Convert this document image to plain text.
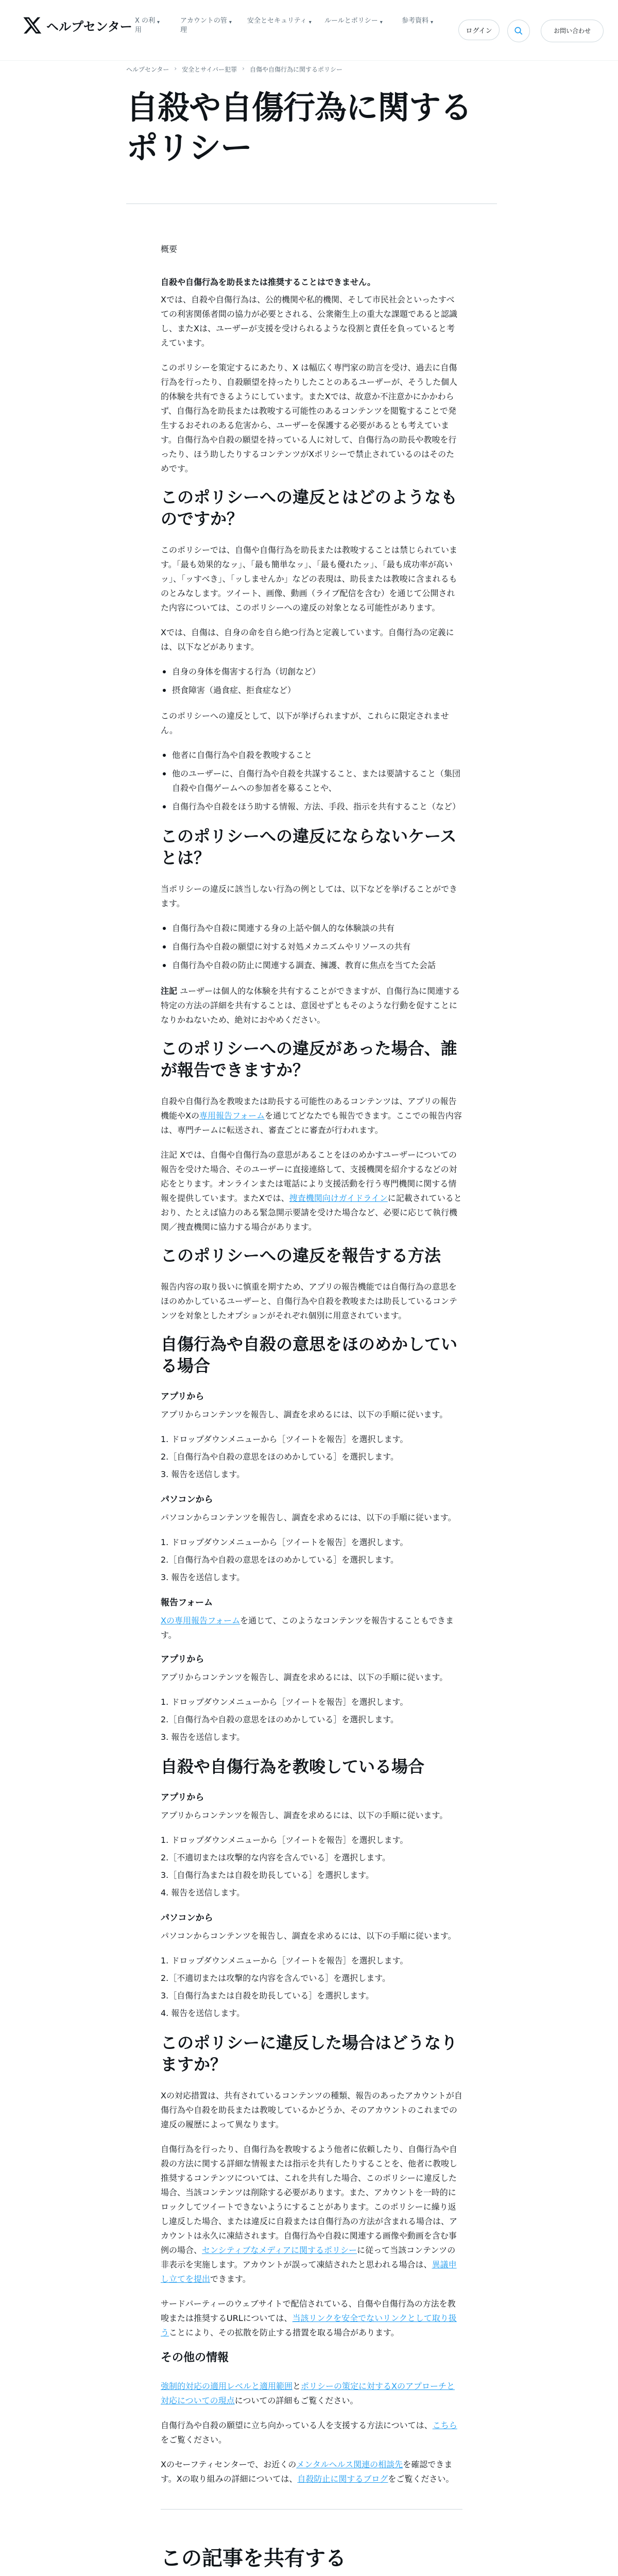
ヘルプセンター X の利
用
▾	アカウントの管
理
▾ 安全とセキュリティ ▾ ルールとポリシー ▾	参考資料 ▾
ログイン	お問い合わせ
ヘルプセンター › 安全とサイバー犯罪 › 自傷や自傷行為に関するポリシー
自殺や自傷行為に関するポリシー

概要

自殺や自傷行為を助長または推奨することはできません。

Xでは、自殺や自傷行為は、公的機関や私的機関、そして市民社会といったすべての利害関係者間の協力が必要とされる、公衆衛生上の重大な課題であると認識し、またXは、ユーザーが支援を受けられるような役割と責任を負っていると考えています。

このポリシーを策定するにあたり、X は幅広く専門家の助言を受け、過去に自傷行為を行ったり、自殺願望を持ったりしたことのあるユーザーが、そうした個人的体験を共有できるようにしています。またXでは、故意か不注意かにかかわらず、自傷行為を助長または教唆する可能性のあるコンテンツを閲覧することで発生するおそれのある危害から、ユーザーを保護する必要があるとも考えています。自傷行為や自殺の願望を持っている人に対して、自傷行為の助長や教唆を行ったり、ほう助したりするコンテンツがXポリシーで禁止されているのはそのためです。

このポリシーへの違反とはどのようなものですか？

このポリシーでは、自傷や自傷行為を助長または教唆することは禁じられています。「最も効果的なッ」、「最も簡単なッ」、「最も優れたッ」、「最も成功率が高いッ」、「ッすべき」、「ッしませんか」などの表現は、助長または教唆に含まれるものとみなします。ツイート、画像、動画（ライブ配信を含む）を通じて公開された内容については、このポリシーへの違反の対象となる可能性があります。

Xでは、自傷は、自身の命を自ら絶つ行為と定義しています。自傷行為の定義には、以下などがあります。

自身の身体を傷害する行為（切創など）
摂食障害（過食症、拒食症など）

このポリシーへの違反として、以下が挙げられますが、これらに限定されません。

他者に自傷行為や自殺を教唆すること
他のユーザーに、自傷行為や自殺を共謀すること、または要請すること（集団自殺や自傷ゲームへの参加者を募ることや、
自傷行為や自殺をほう助する情報、方法、手段、指示を共有すること（など）
このポリシーへの違反にならないケースとは？

当ポリシーの違反に該当しない行為の例としては、以下などを挙げることができます。

自傷行為や自殺に関連する身の上話や個人的な体験談の共有
自傷行為や自殺の願望に対する対処メカニズムやリソースの共有
自傷行為や自殺の防止に関連する調査、擁護、教育に焦点を当てた会話

注記 ユーザーは個人的な体験を共有することができますが、自傷行為に関連する特定の方法の詳細を共有することは、意図せずともそのような行動を促すことになりかねないため、絶対におやめください。

このポリシーへの違反があった場合、誰が報告できますか？

自殺や自傷行為を教唆または助長する可能性のあるコンテンツは、アプリの報告機能やXの専用報告フォームを通じてどなたでも報告できます。ここでの報告内容は、専門チームに転送され、審査ごとに審査が行われます。

注記 Xでは、自傷や自傷行為の意思があることをほのめかすユーザーについての報告を受けた場合、そのユーザーに直接連絡して、支援機関を紹介するなどの対応をとります。オンラインまたは電話により支援活動を行う専門機関に関する情報を提供しています。またXでは、捜査機関向けガイドラインに記載されているとおり、たとえば協力のある緊急開示要請を受けた場合など、必要に応じて執行機関／捜査機関に協力する場合があります。

このポリシーへの違反を報告する方法

報告内容の取り扱いに慎重を期すため、アプリの報告機能では自傷行為の意思をほのめかしているユーザーと、自傷行為や自殺を教唆または助長しているコンテンツを対象としたオプションがそれぞれ個別に用意されています。

自傷行為や自殺の意思をほのめかしている場合
アプリから

アプリからコンテンツを報告し、調査を求めるには、以下の手順に従います。

1. ドロップダウンメニューから［ツイートを報告］を選択します。
2.［自傷行為や自殺の意思をほのめかしている］を選択します。
3. 報告を送信します。
パソコンから

パソコンからコンテンツを報告し、調査を求めるには、以下の手順に従います。

1. ドロップダウンメニューから［ツイートを報告］を選択します。
2.［自傷行為や自殺の意思をほのめかしている］を選択します。
3. 報告を送信します。
報告フォーム

Xの専用報告フォームを通じて、このようなコンテンツを報告することもできます。

アプリから

アプリからコンテンツを報告し、調査を求めるには、以下の手順に従います。

1. ドロップダウンメニューから［ツイートを報告］を選択します。
2.［自傷行為や自殺の意思をほのめかしている］を選択します。
3. 報告を送信します。
自殺や自傷行為を教唆している場合
アプリから

アプリからコンテンツを報告し、調査を求めるには、以下の手順に従います。

1. ドロップダウンメニューから［ツイートを報告］を選択します。
2.［不適切または攻撃的な内容を含んでいる］を選択します。
3.［自傷行為または自殺を助長している］を選択します。
4. 報告を送信します。
パソコンから

パソコンからコンテンツを報告し、調査を求めるには、以下の手順に従います。

1. ドロップダウンメニューから［ツイートを報告］を選択します。
2.［不適切または攻撃的な内容を含んでいる］を選択します。
3.［自傷行為または自殺を助長している］を選択します。
4. 報告を送信します。
このポリシーに違反した場合はどうなりますか？

Xの対応措置は、共有されているコンテンツの種類、報告のあったアカウントが自傷行為や自殺を助長または教唆しているかどうか、そのアカウントのこれまでの違反の履歴によって異なります。

自傷行為を行ったり、自傷行為を教唆するよう他者に依頼したり、自傷行為や自殺の方法に関する詳細な情報または指示を共有したりすることを、他者に教唆し推奨するコンテンツについては、これを共有した場合、このポリシーに違反した場合、当該コンテンツは削除する必要があります。また、アカウントを一時的にロックしてツイートできないようにすることがあります。このポリシーに繰り返し違反した場合、または違反に自殺または自傷行為の方法が含まれる場合は、アカウントは永久に凍結されます。自傷行為や自殺に関連する画像や動画を含む事例の場合、センシティブなメディアに関するポリシーに従って当該コンテンツの非表示を実施します。アカウントが誤って凍結されたと思われる場合は、異議申し立てを提出できます。

サードパーティーのウェブサイトで配信されている、自傷や自傷行為の方法を教唆または推奨するURLについては、当該リンクを安全でないリンクとして取り扱うことにより、その拡散を防止する措置を取る場合があります。

その他の情報

強制的対応の適用レベルと適用範囲とポリシーの策定に対するXのアプローチと対応についての現点についての詳細もご覧ください。

自傷行為や自殺の願望に立ち向かっている人を支援する方法については、こちらをご覧ください。

Xのセーフティセンターで、お近くのメンタルヘルス関連の相談先を確認できます。Xの取り組みの詳細については、自殺防止に関するブログをご覧ください。

この記事を共有する
